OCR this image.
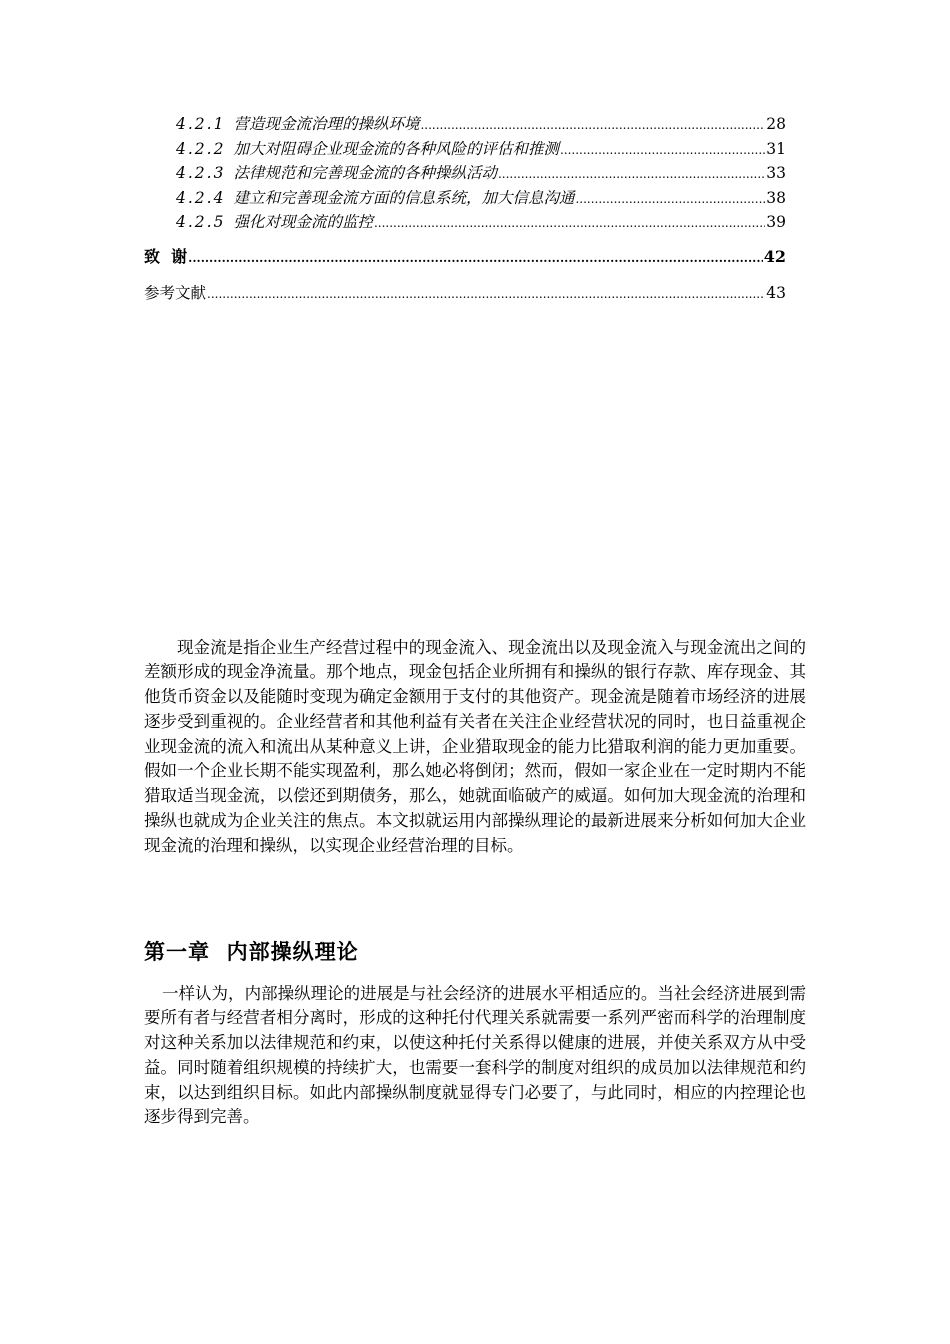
4.2.1 营造现金流治理的操纵环境 .....	28
4.2.2 加大对阻碍企业现金流的各种风险的评估和推测 .....	31
4.2.3 法律规范和完善现金流的各种操纵活动 .....	33
4.2.4 建立和完善现金流方面的信息系统，加大信息沟通 .....	38
4.2.5 强化对现金流的监控 .....	39
致  谢 .....	42
参考文献 .....	43

现金流是指企业生产经营过程中的现金流入、现金流出以及现金流入与现金流出之间的差额形成的现金净流量。那个地点，现金包括企业所拥有和操纵的银行存款、库存现金、其他货币资金以及能随时变现为确定金额用于支付的其他资产。现金流是随着市场经济的进展逐步受到重视的。企业经营者和其他利益有关者在关注企业经营状况的同时，也日益重视企业现金流的流入和流出从某种意义上讲，企业猎取现金的能力比猎取利润的能力更加重要。假如一个企业长期不能实现盈利，那么她必将倒闭；然而，假如一家企业在一定时期内不能猎取适当现金流，以偿还到期债务，那么，她就面临破产的威逼。如何加大现金流的治理和操纵也就成为企业关注的焦点。本文拟就运用内部操纵理论的最新进展来分析如何加大企业现金流的治理和操纵，以实现企业经营治理的目标。

第一章  内部操纵理论

一样认为，内部操纵理论的进展是与社会经济的进展水平相适应的。当社会经济进展到需要所有者与经营者相分离时，形成的这种托付代理关系就需要一系列严密而科学的治理制度对这种关系加以法律规范和约束，以使这种托付关系得以健康的进展，并使关系双方从中受益。同时随着组织规模的持续扩大，也需要一套科学的制度对组织的成员加以法律规范和约束，以达到组织目标。如此内部操纵制度就显得专门必要了，与此同时，相应的内控理论也逐步得到完善。
